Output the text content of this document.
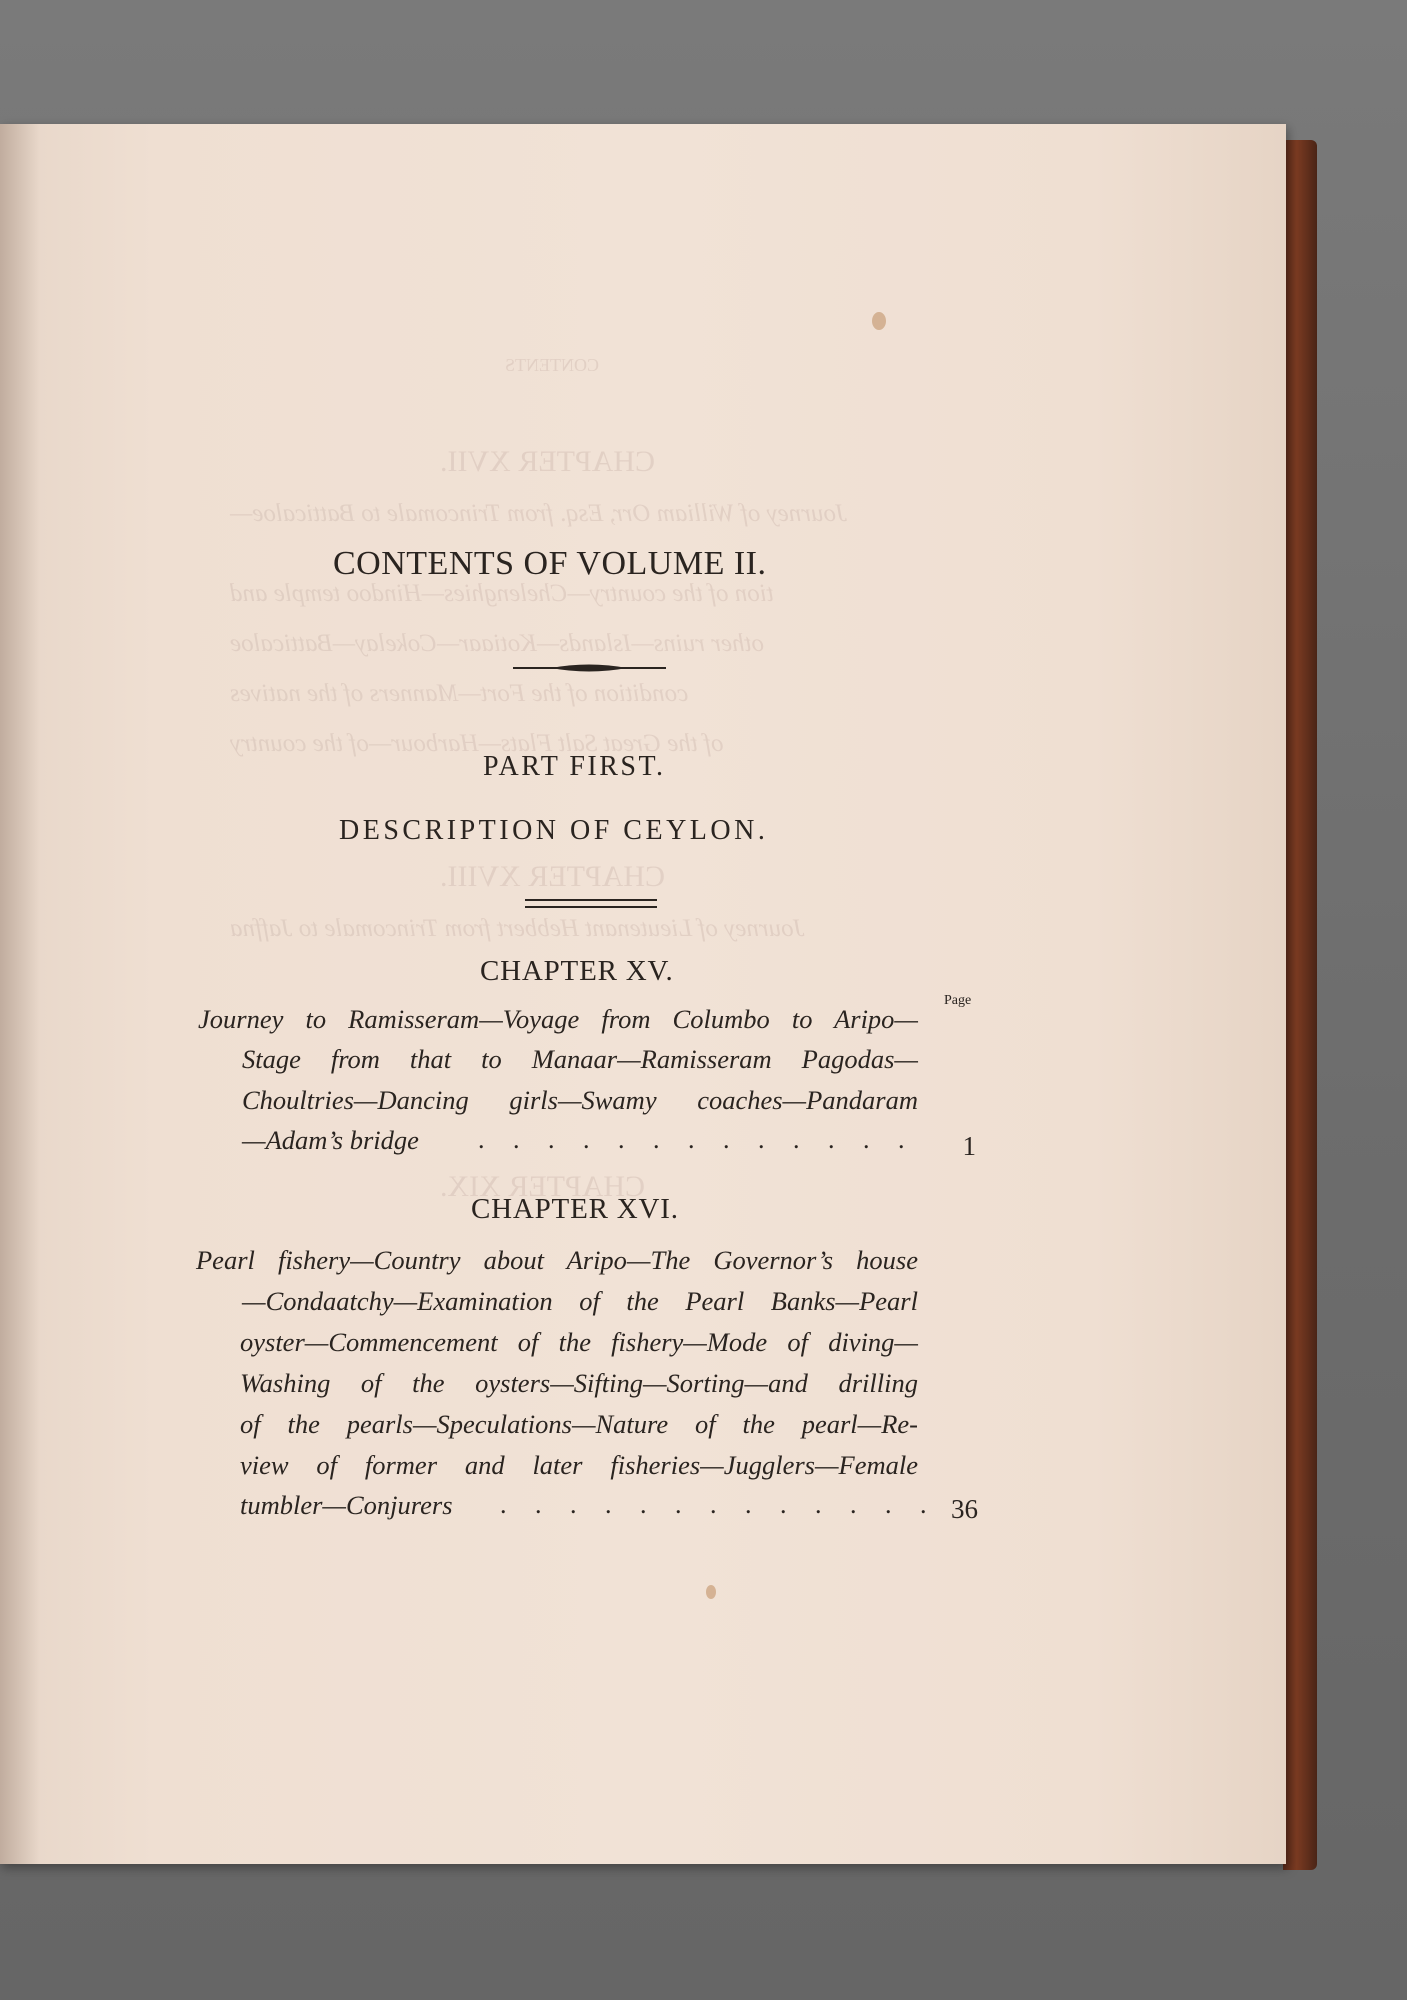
CONTENTS
CHAPTER XVII.
Journey of William Orr, Esq. from Trincomale to Batticaloe—
tion of the country—Chelenghies—Hindoo temple and
other ruins—Islands—Kotiaar—Cokelay—Batticaloe
condition of the Fort—Manners of the natives
of the Great Salt Flats—Harbour—of the country
CHAPTER XVIII.
Journey of Lieutenant Hebbert from Trincomale to Jaffna
CHAPTER XIX.
CONTENTS OF VOLUME II.
PART FIRST.
DESCRIPTION OF CEYLON.
CHAPTER XV.
Page
Journey to Ramisseram—Voyage from Columbo to Aripo—
Stage from that to Manaar—Ramisseram Pagodas—
Choultries—Dancing girls—Swamy coaches—Pandaram
—Adam’s bridge . . . . . . . . . . . . .	1
CHAPTER XVI.
Pearl fishery—Country about Aripo—The Governor’s house
—Condaatchy—Examination of the Pearl Banks—Pearl
oyster—Commencement of the fishery—Mode of diving—
Washing of the oysters—Sifting—Sorting—and drilling
of the pearls—Speculations—Nature of the pearl—Re-
view of former and later fisheries—Jugglers—Female
tumbler—Conjurers . . . . . . . . . . . . . 36
